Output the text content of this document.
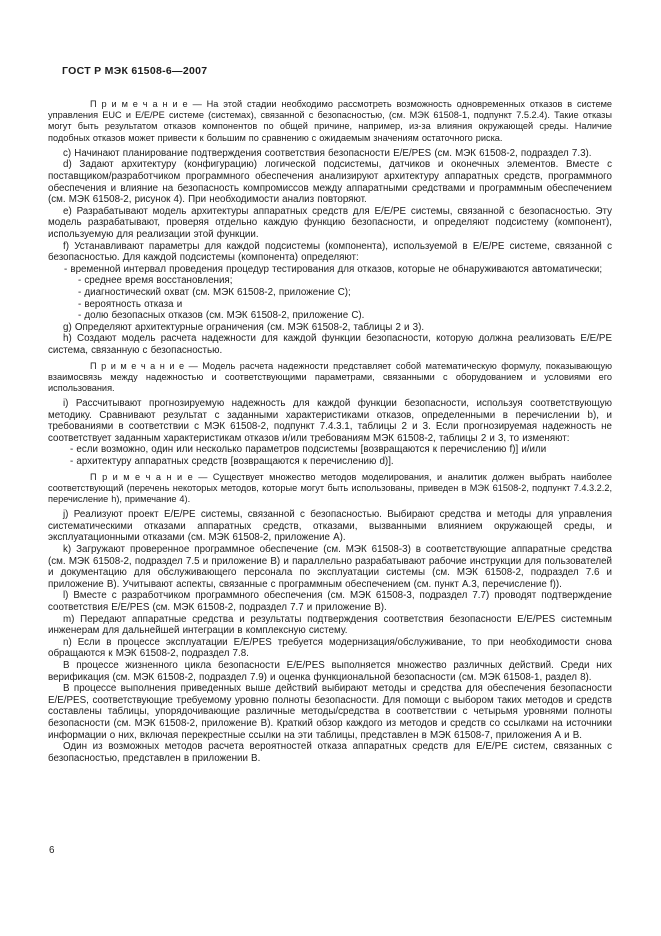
ГОСТ Р МЭК 61508-6—2007

П р и м е ч а н и е — На этой стадии необходимо рассмотреть возможность одновременных отказов в системе управления EUC и Е/Е/РЕ системе (системах), связанной с безопасностью, (см. МЭК 61508-1, подпункт 7.5.2.4). Такие отказы могут быть результатом отказов компонентов по общей причине, например, из-за влияния окружающей среды. Наличие подобных отказов может привести к большим по сравнению с ожидаемым значениям остаточного риска.

c) Начинают планирование подтверждения соответствия безопасности E/E/PES (см. МЭК 61508-2, подраздел 7.3).

d) Задают архитектуру (конфигурацию) логической подсистемы, датчиков и оконечных элементов. Вместе с поставщиком/разработчиком программного обеспечения анализируют архитектуру аппаратных средств, программного обеспечения и влияние на безопасность компромиссов между аппаратными средствами и программным обеспечением (см. МЭК 61508-2, рисунок 4). При необходимости анализ повторяют.

e) Разрабатывают модель архитектуры аппаратных средств для Е/Е/РЕ системы, связанной с безопасностью. Эту модель разрабатывают, проверяя отдельно каждую функцию безопасности, и определяют подсистему (компонент), используемую для реализации этой функции.

f) Устанавливают параметры для каждой подсистемы (компонента), используемой в Е/Е/РЕ системе, связанной с безопасностью. Для каждой подсистемы (компонента) определяют:

- временной интервал проведения процедур тестирования для отказов, которые не обнаруживаются автоматически;

- среднее время восстановления;

- диагностический охват (см. МЭК 61508-2, приложение С);

- вероятность отказа и

- долю безопасных отказов (см. МЭК 61508-2, приложение С).

g) Определяют архитектурные ограничения (см. МЭК 61508-2, таблицы 2 и 3).

h) Создают модель расчета надежности для каждой функции безопасности, которую должна реализовать Е/Е/РЕ система, связанную с безопасностью.

П р и м е ч а н и е — Модель расчета надежности представляет собой математическую формулу, показывающую взаимосвязь между надежностью и соответствующими параметрами, связанными с оборудованием и условиями его использования.

i) Рассчитывают прогнозируемую надежность для каждой функции безопасности, используя соответствующую методику. Сравнивают результат с заданными характеристиками отказов, определенными в перечислении b), и требованиями в соответствии с МЭК 61508-2, подпункт 7.4.3.1, таблицы 2 и 3. Если прогнозируемая надежность не соответствует заданным характеристикам отказов и/или требованиям МЭК 61508-2, таблицы 2 и 3, то изменяют:

- если возможно, один или несколько параметров подсистемы [возвращаются к перечислению f)] и/или

- архитектуру аппаратных средств [возвращаются к перечислению d)].

П р и м е ч а н и е — Существует множество методов моделирования, и аналитик должен выбрать наиболее соответствующий (перечень некоторых методов, которые могут быть использованы, приведен в МЭК 61508-2, подпункт 7.4.3.2.2, перечисление h), примечание 4).

j) Реализуют проект Е/Е/РЕ системы, связанной с безопасностью. Выбирают средства и методы для управления систематическими отказами аппаратных средств, отказами, вызванными влиянием окружающей среды, и эксплуатационными отказами (см. МЭК 61508-2, приложение А).

k) Загружают проверенное программное обеспечение (см. МЭК 61508-3) в соответствующие аппаратные средства (см. МЭК 61508-2, подраздел 7.5 и приложение В) и параллельно разрабатывают рабочие инструкции для пользователей и документацию для обслуживающего персонала по эксплуатации системы (см. МЭК 61508-2, подраздел 7.6 и приложение В). Учитывают аспекты, связанные с программным обеспечением (см. пункт А.3, перечисление f)).

l) Вместе с разработчиком программного обеспечения (см. МЭК 61508-3, подраздел 7.7) проводят подтверждение соответствия E/E/PES (см. МЭК 61508-2, подраздел 7.7 и приложение В).

m) Передают аппаратные средства и результаты подтверждения соответствия безопасности E/E/PES системным инженерам для дальнейшей интеграции в комплексную систему.

n) Если в процессе эксплуатации E/E/PES требуется модернизация/обслуживание, то при необходимости снова обращаются к МЭК 61508-2, подраздел 7.8.

В процессе жизненного цикла безопасности E/E/PES выполняется множество различных действий. Среди них верификация (см. МЭК 61508-2, подраздел 7.9) и оценка функциональной безопасности (см. МЭК 61508-1, раздел 8).

В процессе выполнения приведенных выше действий выбирают методы и средства для обеспечения безопасности E/E/PES, соответствующие требуемому уровню полноты безопасности. Для помощи с выбором таких методов и средств составлены таблицы, упорядочивающие различные методы/средства в соответствии с четырьмя уровнями полноты безопасности (см. МЭК 61508-2, приложение В). Краткий обзор каждого из методов и средств со ссылками на источники информации о них, включая перекрестные ссылки на эти таблицы, представлен в МЭК 61508-7, приложения А и В.

Один из возможных методов расчета вероятностей отказа аппаратных средств для Е/Е/РЕ систем, связанных с безопасностью, представлен в приложении В.

6
